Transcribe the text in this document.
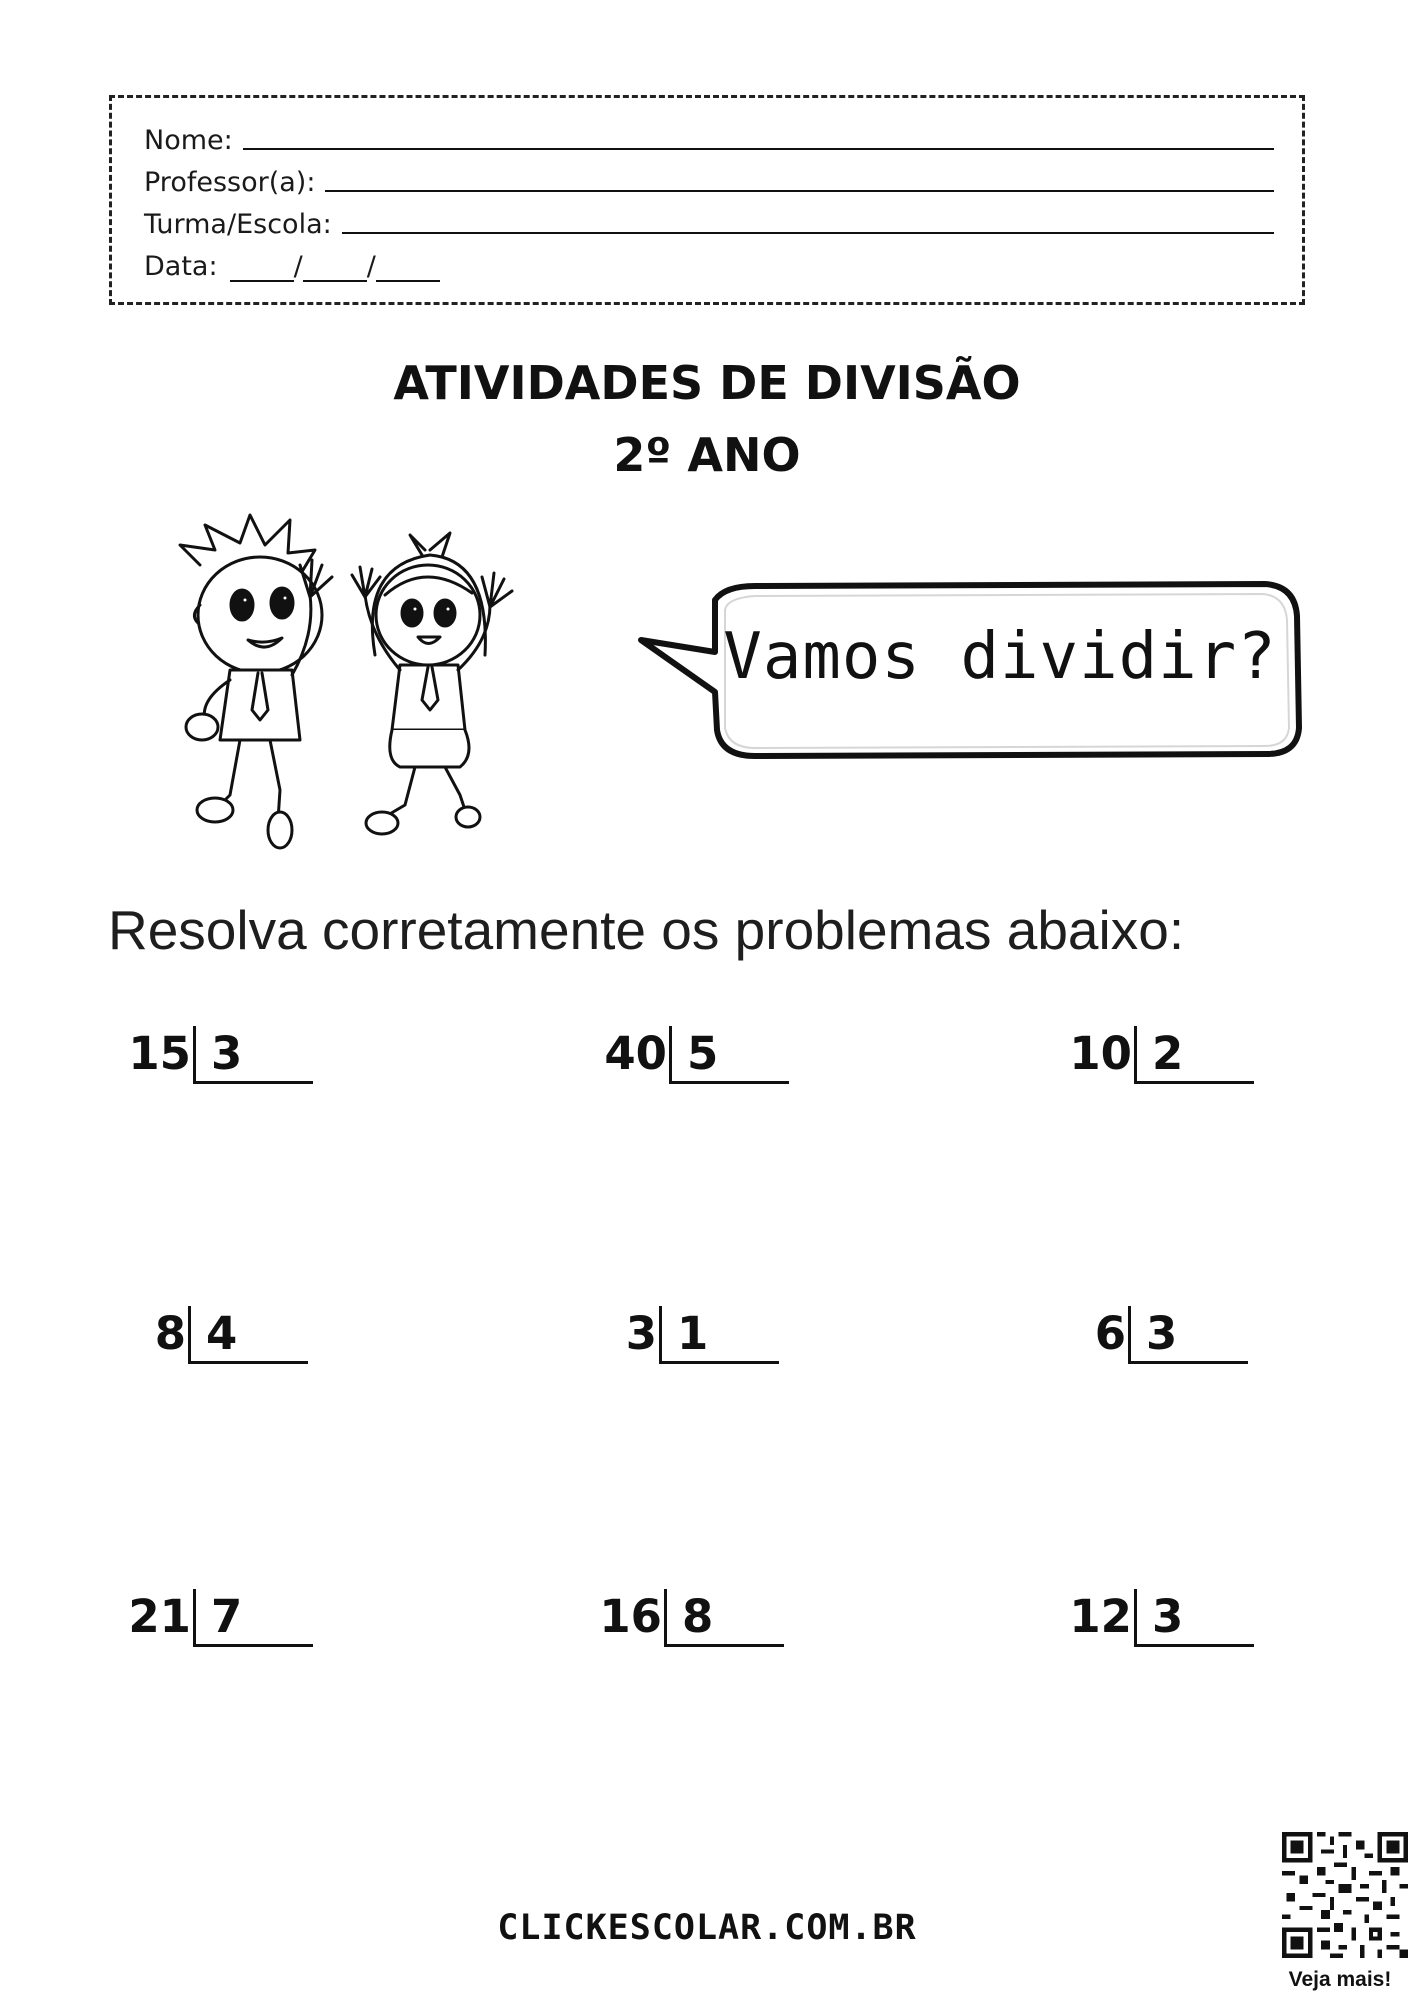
Nome:
Professor(a):
Turma/Escola:
Data:	/ /
ATIVIDADES DE DIVISÃO
2º ANO
Vamos dividir?
Resolva corretamente os problemas abaixo:
15 3	40 5	10 2
8 4	3 1	6 3
21 7	16 8	12 3
CLICKESCOLAR.COM.BR
Veja mais!
